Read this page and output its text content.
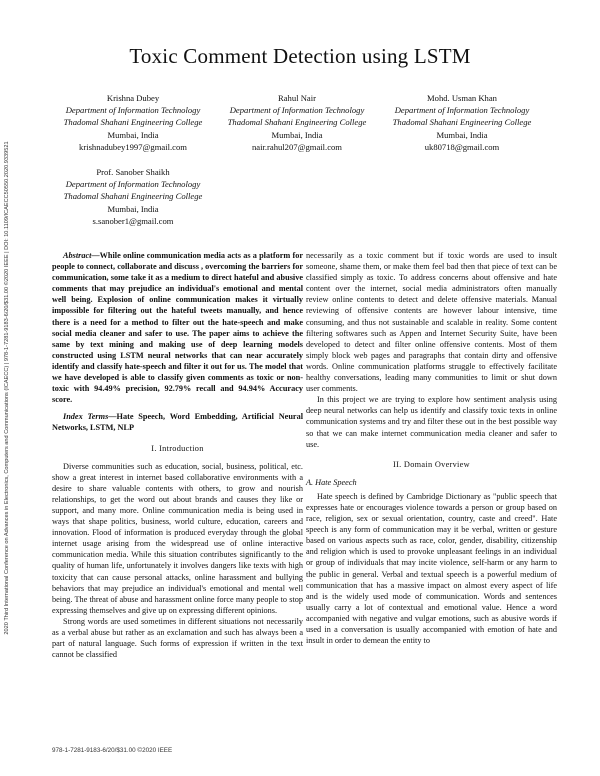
2020 Third International Conference on Advances in Electronics, Computers and Communications (ICAECC) | 978-1-7281-9183-6/20/$31.00 ©2020 IEEE | DOI: 10.1109/ICAECC50550.2020.9339521
Toxic Comment Detection using LSTM
Krishna Dubey
Department of Information Technology
Thadomal Shahani Engineering College
Mumbai, India
krishnadubey1997@gmail.com
Rahul Nair
Department of Information Technology
Thadomal Shahani Engineering College
Mumbai, India
nair.rahul207@gmail.com
Mohd. Usman Khan
Department of Information Technology
Thadomal Shahani Engineering College
Mumbai, India
uk80718@gmail.com
Prof. Sanober Shaikh
Department of Information Technology
Thadomal Shahani Engineering College
Mumbai, India
s.sanober1@gmail.com

Abstract—While online communication media acts as a platform for people to connect, collaborate and discuss , overcoming the barriers for communication, some take it as a medium to direct hateful and abusive comments that may prejudice an individual's emotional and mental well being. Explosion of online communication makes it virtually impossible for filtering out the hateful tweets manually, and hence there is a need for a method to filter out the hate-speech and make social media cleaner and safer to use. The paper aims to achieve the same by text mining and making use of deep learning models constructed using LSTM neural networks that can near accurately identify and classify hate-speech and filter it out for us. The model that we have developed is able to classify given comments as toxic or non-toxic with 94.49% precision, 92.79% recall and 94.94% Accuracy score.

Index Terms—Hate Speech, Word Embedding, Artificial Neural Networks, LSTM, NLP

I. Introduction

Diverse communities such as education, social, business, political, etc. show a great interest in internet based collaborative environments with a desire to share valuable contents with others, to grow and nourish relationships, to get the word out about brands and causes they like or support, and many more. Online communication media is being used in ways that shape politics, business, world culture, education, careers and innovation. Flood of information is produced everyday through the global internet usage arising from the widespread use of online interactive communication media. While this situation contributes significantly to the quality of human life, unfortunately it involves dangers like texts with high toxicity that can cause personal attacks, online harassment and bullying behaviors that may prejudice an individual's emotional and mental well being. The threat of abuse and harassment online force many people to stop expressing themselves and give up on expressing different opinions.

Strong words are used sometimes in different situations not necessarily as a verbal abuse but rather as an exclamation and such has always been a part of natural language. Such forms of expression if written in the text cannot be classified

necessarily as a toxic comment but if toxic words are used to insult someone, shame them, or make them feel bad then that piece of text can be classified simply as toxic. To address concerns about offensive and hate content over the internet, social media administrators often manually review online contents to detect and delete offensive materials. Manual reviewing of offensive contents are however labour intensive, time consuming, and thus not sustainable and scalable in reality. Some content filtering softwares such as Appen and Internet Security Suite, have been developed to detect and filter online offensive contents. Most of them simply block web pages and paragraphs that contain dirty and offensive words. Online communication platforms struggle to effectively facilitate healthy conversations, leading many communities to limit or shut down user comments.

In this project we are trying to explore how sentiment analysis using deep neural networks can help us identify and classify toxic texts in online communication systems and try and filter these out in the best possible way so that we can make internet communication media cleaner and safer to use.

II. Domain Overview
A. Hate Speech

Hate speech is defined by Cambridge Dictionary as "public speech that expresses hate or encourages violence towards a person or group based on race, religion, sex or sexual orientation, country, caste and creed". Hate speech is any form of communication may it be verbal, written or gesture based on various aspects such as race, color, gender, disability, citizenship and religion which is used to provoke unpleasant feelings in an individual or group of individuals that may incite violence, self-harm or any harm to the public in general. Verbal and textual speech is a powerful medium of communication that has a massive impact on almost every aspect of life and is the widely used mode of communication. Words and sentences usually carry a lot of contextual and emotional value. Hence a word accompanied with negative and vulgar emotions, such as abusive words if used in a conversation is usually accompanied with emotion of hate and insult in order to demean the entity to

978-1-7281-9183-6/20/$31.00 ©2020 IEEE
